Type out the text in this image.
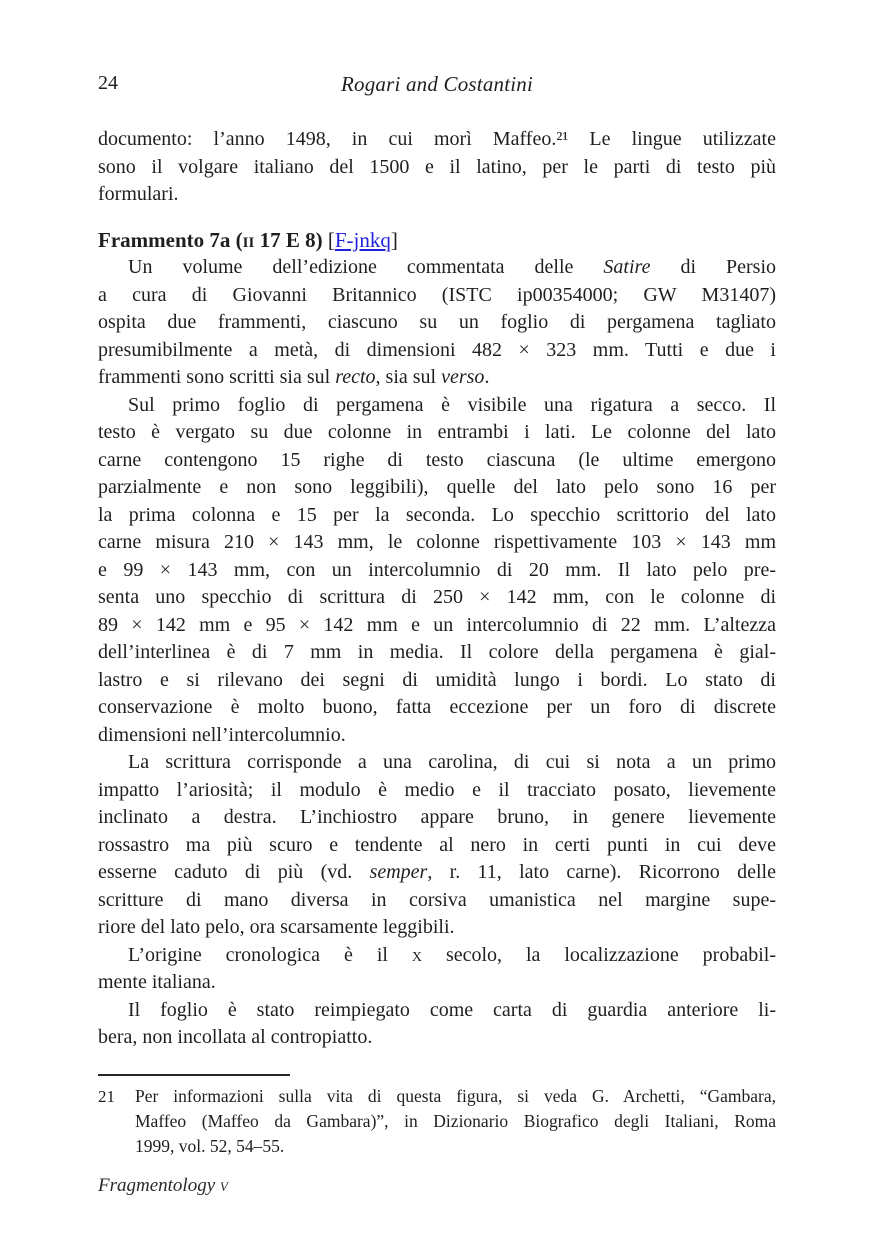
24	Rogari and Costantini
documento: l’anno 1498, in cui morì Maffeo.²¹ Le lingue utilizzate
sono il volgare italiano del 1500 e il latino, per le parti di testo più
formulari.
Frammento 7a (ii 17 E 8) [F-jnkq]
Un volume dell’edizione commentata delle Satire di Persio
a cura di Giovanni Britannico (ISTC ip00354000; GW M31407)
ospita due frammenti, ciascuno su un foglio di pergamena tagliato
presumibilmente a metà, di dimensioni 482 × 323 mm. Tutti e due i
frammenti sono scritti sia sul recto, sia sul verso.
Sul primo foglio di pergamena è visibile una rigatura a secco. Il
testo è vergato su due colonne in entrambi i lati. Le colonne del lato
carne contengono 15 righe di testo ciascuna (le ultime emergono
parzialmente e non sono leggibili), quelle del lato pelo sono 16 per
la prima colonna e 15 per la seconda. Lo specchio scrittorio del lato
carne misura 210 × 143 mm, le colonne rispettivamente 103 × 143 mm
e 99 × 143 mm, con un intercolumnio di 20 mm. Il lato pelo pre-
senta uno specchio di scrittura di 250 × 142 mm, con le colonne di
89 × 142 mm e 95 × 142 mm e un intercolumnio di 22 mm. L’altezza
dell’interlinea è di 7 mm in media. Il colore della pergamena è gial-
lastro e si rilevano dei segni di umidità lungo i bordi. Lo stato di
conservazione è molto buono, fatta eccezione per un foro di discrete
dimensioni nell’intercolumnio.
La scrittura corrisponde a una carolina, di cui si nota a un primo
impatto l’ariosità; il modulo è medio e il tracciato posato, lievemente
inclinato a destra. L’inchiostro appare bruno, in genere lievemente
rossastro ma più scuro e tendente al nero in certi punti in cui deve
esserne caduto di più (vd. semper, r. 11, lato carne). Ricorrono delle
scritture di mano diversa in corsiva umanistica nel margine supe-
riore del lato pelo, ora scarsamente leggibili.
L’origine cronologica è il x secolo, la localizzazione probabil-
mente italiana.
Il foglio è stato reimpiegato come carta di guardia anteriore li-
bera, non incollata al contropiatto.
21	Per informazioni sulla vita di questa figura, si veda G. Archetti, “Gambara,
Maffeo (Maffeo da Gambara)”, in Dizionario Biografico degli Italiani, Roma
1999, vol. 52, 54–55.
Fragmentology v
